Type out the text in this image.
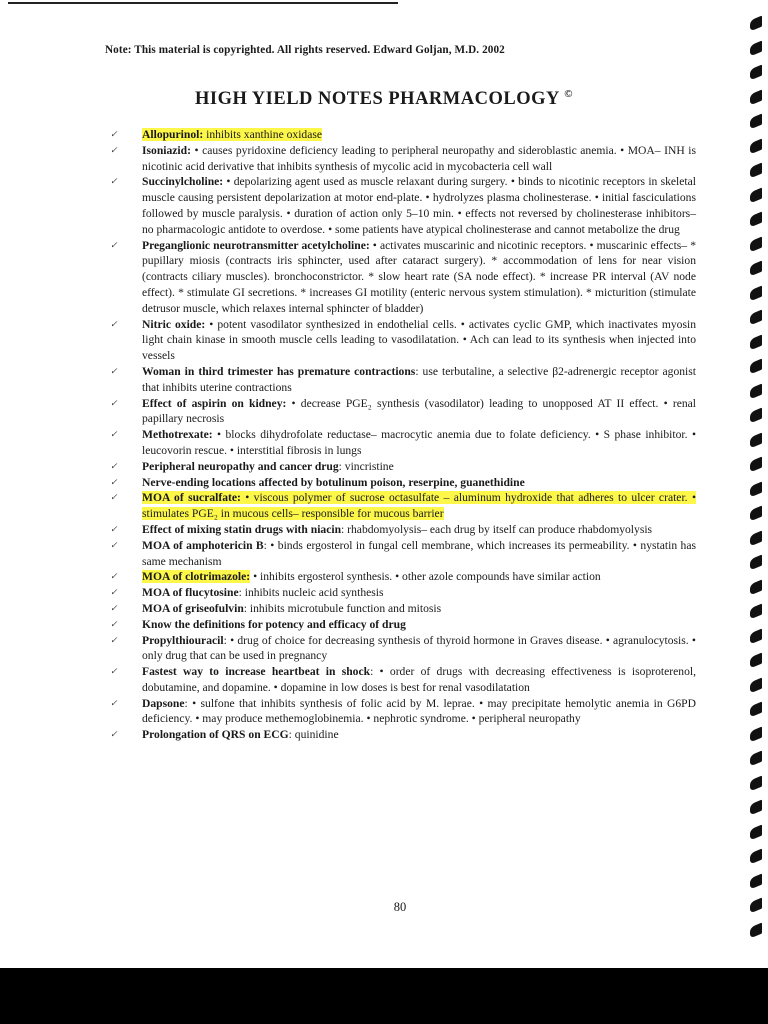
Note: This material is copyrighted. All rights reserved. Edward Goljan, M.D. 2002
HIGH YIELD NOTES PHARMACOLOGY ©
✓ Allopurinol: inhibits xanthine oxidase
✓ Isoniazid: • causes pyridoxine deficiency leading to peripheral neuropathy and sideroblastic anemia. • MOA– INH is nicotinic acid derivative that inhibits synthesis of mycolic acid in mycobacteria cell wall
✓ Succinylcholine: • depolarizing agent used as muscle relaxant during surgery. • binds to nicotinic receptors in skeletal muscle causing persistent depolarization at motor end-plate. • hydrolyzes plasma cholinesterase. • initial fasciculations followed by muscle paralysis. • duration of action only 5–10 min. • effects not reversed by cholinesterase inhibitors– no pharmacologic antidote to overdose. • some patients have atypical cholinesterase and cannot metabolize the drug
✓ Preganglionic neurotransmitter acetylcholine: • activates muscarinic and nicotinic receptors. • muscarinic effects– * pupillary miosis (contracts iris sphincter, used after cataract surgery). * accommodation of lens for near vision (contracts ciliary muscles). bronchoconstrictor. * slow heart rate (SA node effect). * increase PR interval (AV node effect). * stimulate GI secretions. * increases GI motility (enteric nervous system stimulation). * micturition (stimulate detrusor muscle, which relaxes internal sphincter of bladder)
✓ Nitric oxide: • potent vasodilator synthesized in endothelial cells. • activates cyclic GMP, which inactivates myosin light chain kinase in smooth muscle cells leading to vasodilatation. • Ach can lead to its synthesis when injected into vessels
✓ Woman in third trimester has premature contractions: use terbutaline, a selective β2-adrenergic receptor agonist that inhibits uterine contractions
✓ Effect of aspirin on kidney: • decrease PGE₂ synthesis (vasodilator) leading to unopposed AT II effect. • renal papillary necrosis
✓ Methotrexate: • blocks dihydrofolate reductase– macrocytic anemia due to folate deficiency. • S phase inhibitor. • leucovorin rescue. • interstitial fibrosis in lungs
✓ Peripheral neuropathy and cancer drug: vincristine
✓ Nerve-ending locations affected by botulinum poison, reserpine, guanethidine
✓ MOA of sucralfate: • viscous polymer of sucrose octasulfate – aluminum hydroxide that adheres to ulcer crater. • stimulates PGE₂ in mucous cells– responsible for mucous barrier
✓ Effect of mixing statin drugs with niacin: rhabdomyolysis– each drug by itself can produce rhabdomyolysis
✓ MOA of amphotericin B: • binds ergosterol in fungal cell membrane, which increases its permeability. • nystatin has same mechanism
✓ MOA of clotrimazole: • inhibits ergosterol synthesis. • other azole compounds have similar action
✓ MOA of flucytosine: inhibits nucleic acid synthesis
✓ MOA of griseofulvin: inhibits microtubule function and mitosis
✓ Know the definitions for potency and efficacy of drug
✓ Propylthiouracil: • drug of choice for decreasing synthesis of thyroid hormone in Graves disease. • agranulocytosis. • only drug that can be used in pregnancy
✓ Fastest way to increase heartbeat in shock: • order of drugs with decreasing effectiveness is isoproterenol, dobutamine, and dopamine. • dopamine in low doses is best for renal vasodilatation
✓ Dapsone: • sulfone that inhibits synthesis of folic acid by M. leprae. • may precipitate hemolytic anemia in G6PD deficiency. • may produce methemoglobinemia. • nephrotic syndrome. • peripheral neuropathy
✓ Prolongation of QRS on ECG: quinidine
80
